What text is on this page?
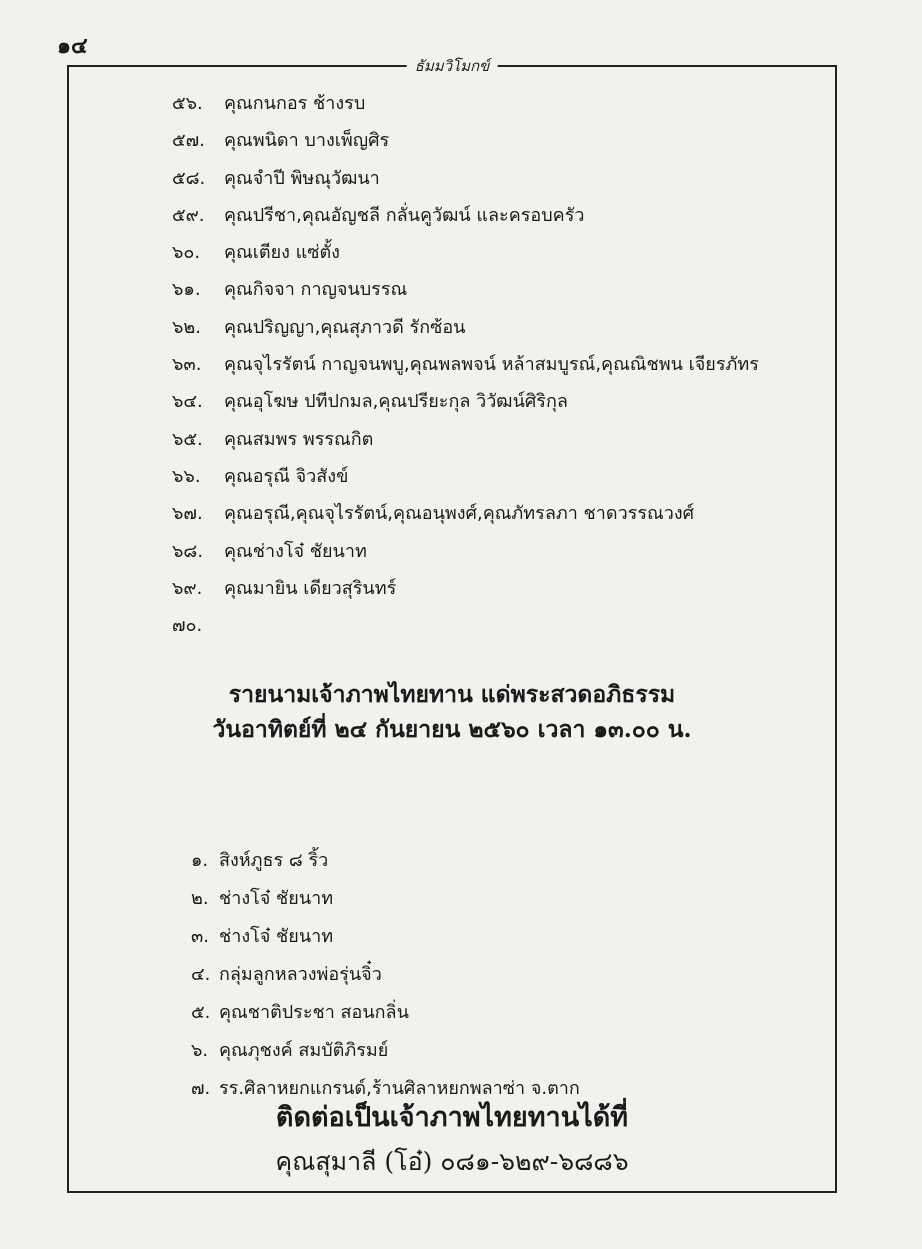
๑๔
ธัมมวิโมกข์
๕๖. คุณกนกอร ช้างรบ
๕๗. คุณพนิดา บางเพ็ญศิร
๕๘. คุณจำปี พิษณุวัฒนา
๕๙. คุณปรีชา,คุณอัญชลี กลั่นคูวัฒน์ และครอบครัว
๖๐. คุณเตียง แซ่ตั้ง
๖๑. คุณกิจจา กาญจนบรรณ
๖๒. คุณปริญญา,คุณสุภาวดี รักซ้อน
๖๓. คุณจุไรรัตน์ กาญจนพบู,คุณพลพจน์ หล้าสมบูรณ์,คุณณิชพน เจียรภัทร
๖๔. คุณอุโฆษ ปทีปกมล,คุณปรียะกุล วิวัฒน์ศิริกุล
๖๕. คุณสมพร พรรณกิต
๖๖. คุณอรุณี จิวสังข์
๖๗. คุณอรุณี,คุณจุไรรัตน์,คุณอนุพงศ์,คุณภัทรลภา ชาดวรรณวงศ์
๖๘. คุณช่างโจ๋ ชัยนาท
๖๙. คุณมายิน เดียวสุรินทร์
๗๐.
รายนามเจ้าภาพไทยทาน แด่พระสวดอภิธรรม
วันอาทิตย์ที่ ๒๔ กันยายน ๒๕๖๐ เวลา ๑๓.๐๐ น.
๑. สิงห์ภูธร ๘ ริ้ว
๒. ช่างโจ๋ ชัยนาท
๓. ช่างโจ๋ ชัยนาท
๔. กลุ่มลูกหลวงพ่อรุ่นจิ๋ว
๕. คุณชาติประชา สอนกลิ่น
๖. คุณภุชงค์ สมบัติภิรมย์
๗. รร.ศิลาหยกแกรนด์,ร้านศิลาหยกพลาซ่า จ.ตาก
ติดต่อเป็นเจ้าภาพไทยทานได้ที่
คุณสุมาลี (โอ๋) ๐๘๑-๖๒๙-๖๘๘๖
